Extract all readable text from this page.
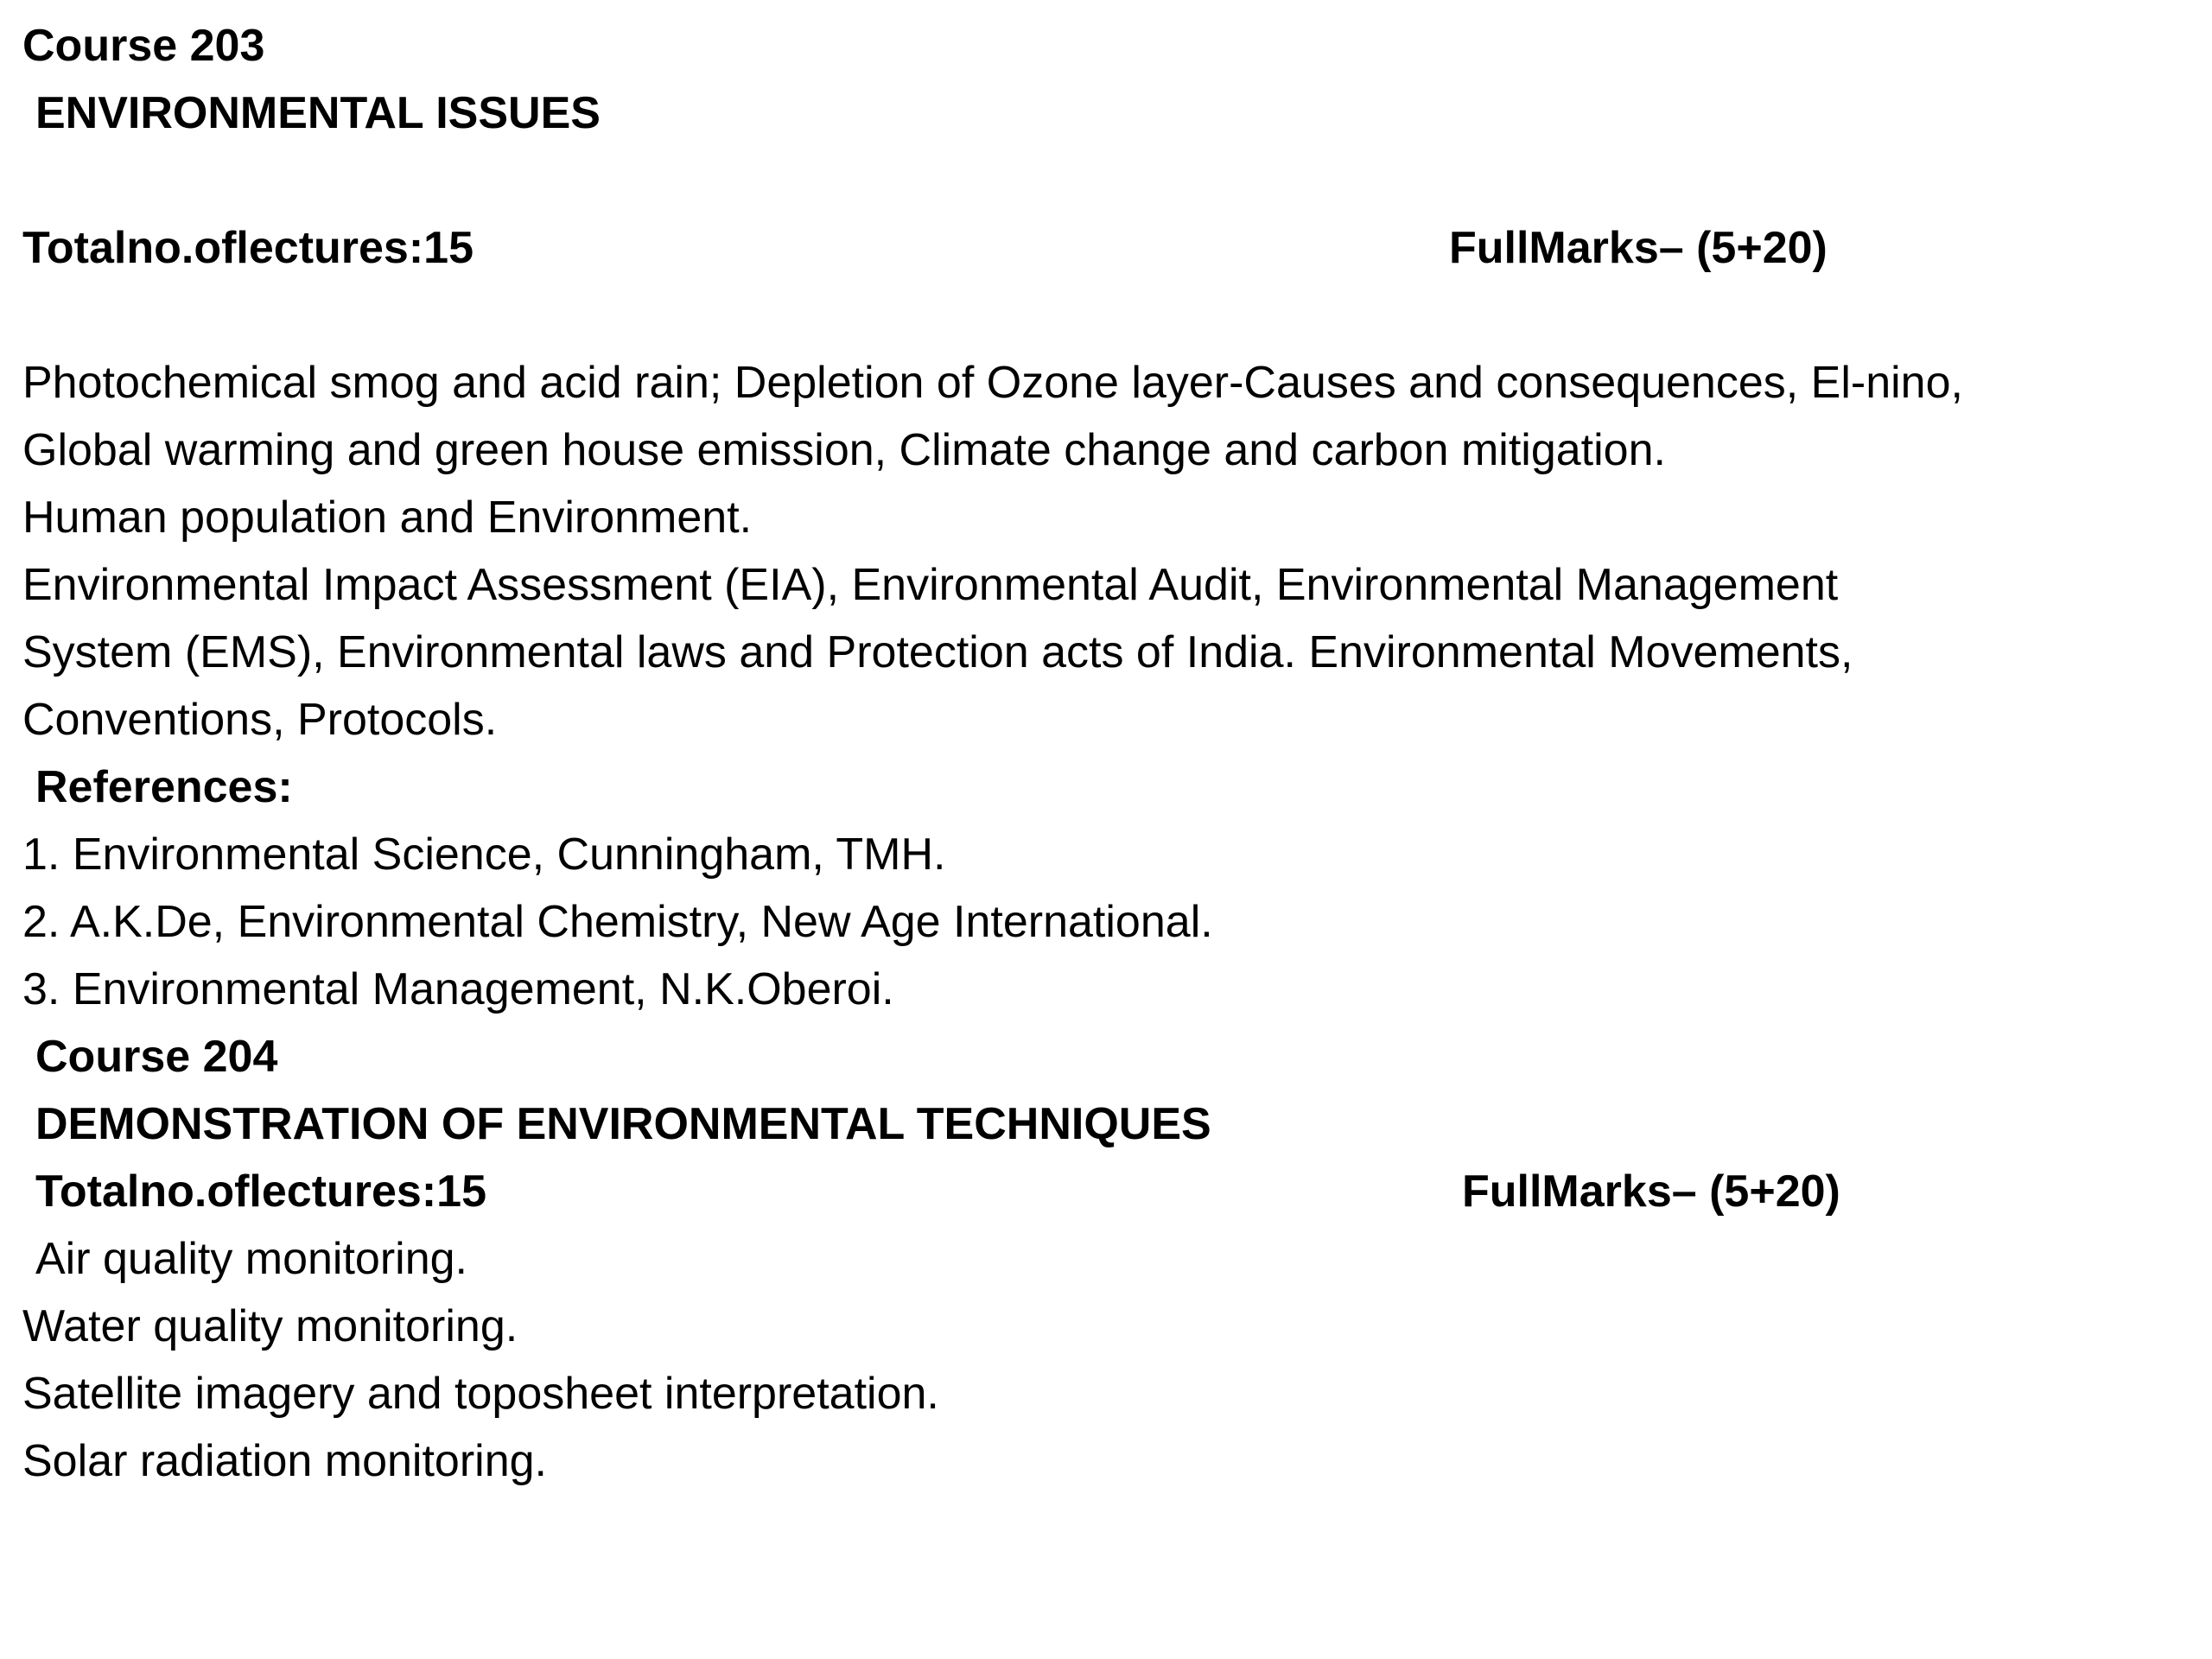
Course 203
ENVIRONMENTAL ISSUES
Totalno.oflectures:15	FullMarks– (5+20)
Photochemical smog and acid rain; Depletion of Ozone layer-Causes and consequences, El-nino,
Global warming and green house emission, Climate change and carbon mitigation.
Human population and Environment.
Environmental Impact Assessment (EIA), Environmental Audit, Environmental Management
System (EMS), Environmental laws and Protection acts of India. Environmental Movements,
Conventions, Protocols.
References:
1. Environmental Science, Cunningham, TMH.
2. A.K.De, Environmental Chemistry, New Age International.
3. Environmental Management, N.K.Oberoi.
Course 204
DEMONSTRATION OF ENVIRONMENTAL TECHNIQUES
Totalno.oflectures:15	FullMarks– (5+20)
Air quality monitoring.
Water quality monitoring.
Satellite imagery and toposheet interpretation.
Solar radiation monitoring.
